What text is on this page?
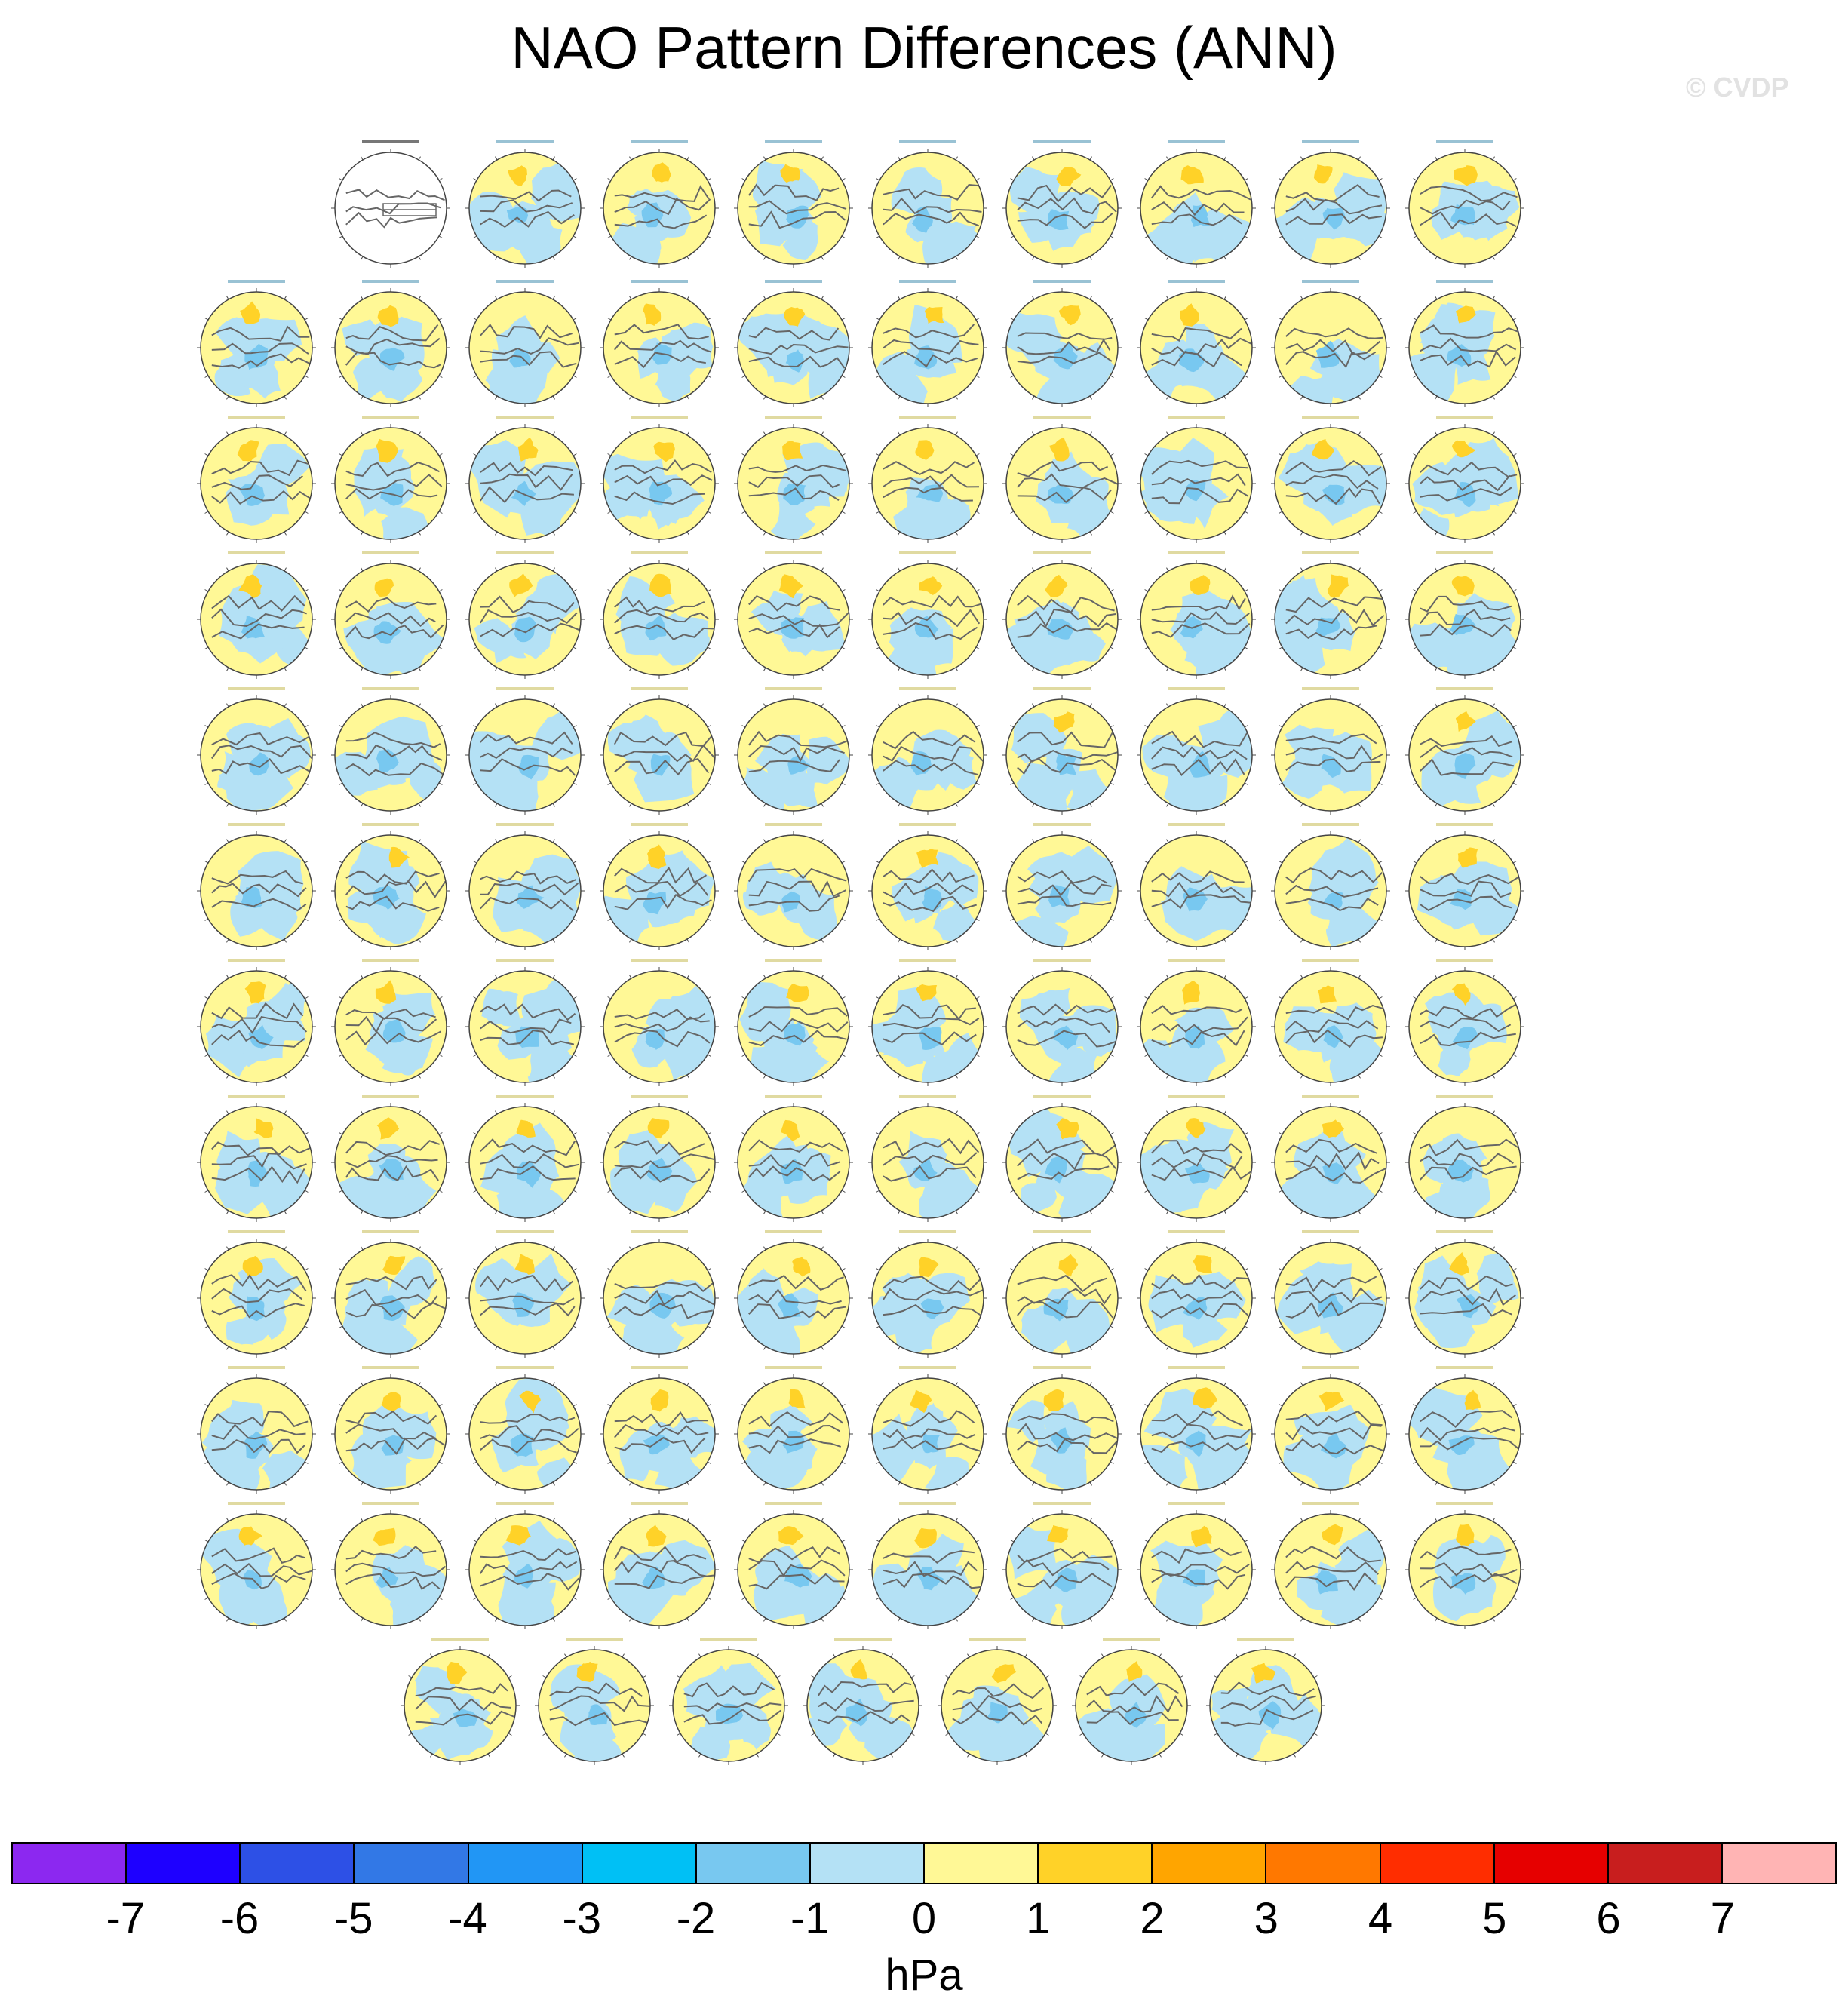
NAO Pattern Differences (ANN)
© CVDP
-7 -6 -5 -4 -3 -2 -1 0 1 2 3 4 5 6 7
hPa
